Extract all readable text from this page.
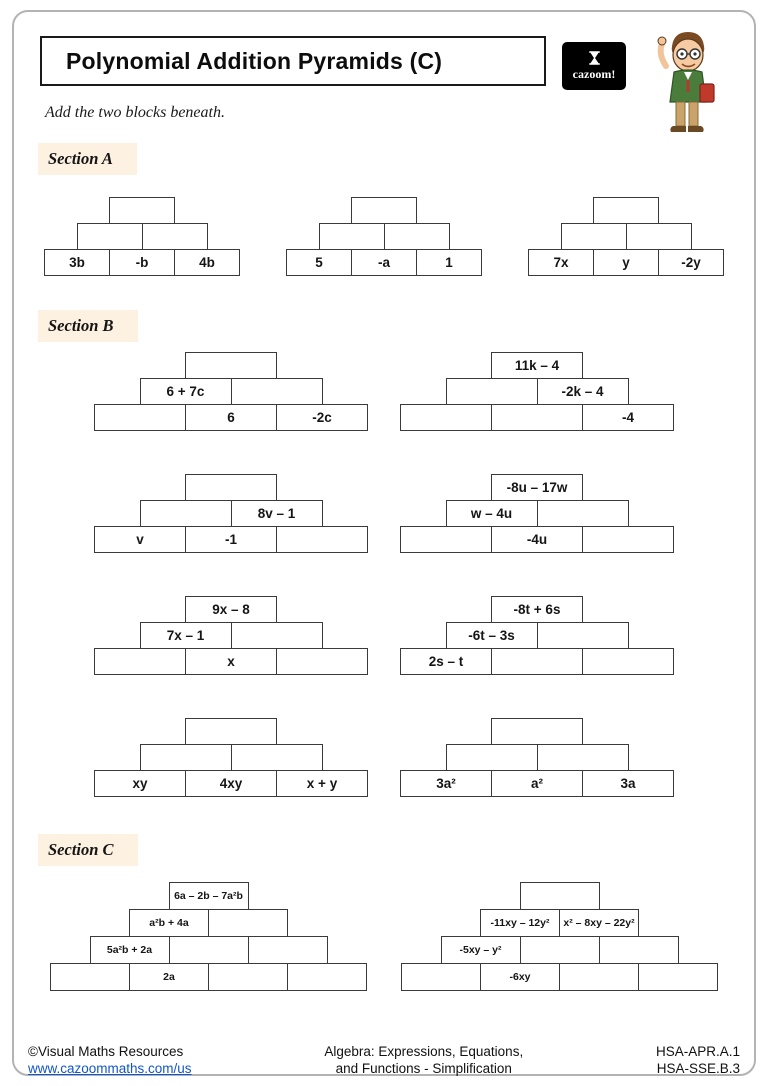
Polynomial Addition Pyramids (C)
cazoom!
Add the two blocks beneath.
Section A
3b	-b	4b	5	-a	1	7x	y	-2y
Section B
6 + 7c
6	-2c
11k – 4
-2k – 4
-4
8v – 1
v	-1
-8u – 17w
w – 4u
-4u
9x – 8
7x – 1
x
-8t + 6s
-6t – 3s
2s – t
xy	4xy	x + y	3a²	a²	3a
Section C
6a – 2b – 7a²b
a²b + 4a
5a²b + 2a
2a
-11xy – 12y²	x² – 8xy – 22y²
-5xy – y²
-6xy
©Visual Maths Resources
www.cazoommaths.com/us
Algebra: Expressions, Equations,
and Functions - Simplification
HSA-APR.A.1
HSA-SSE.B.3
